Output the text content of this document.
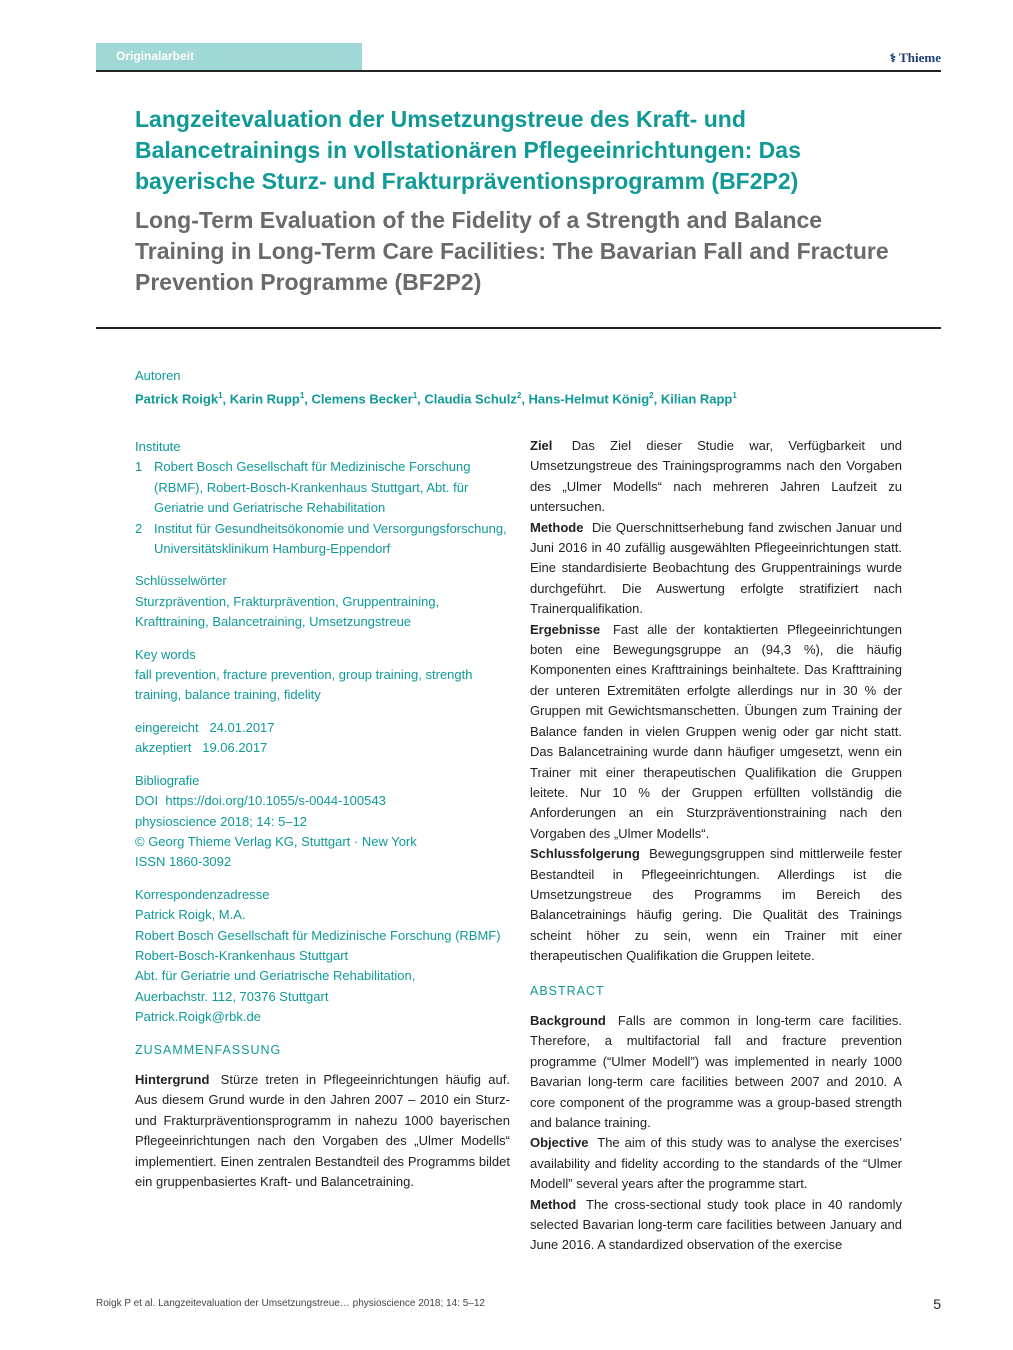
Originalarbeit	⚕ Thieme
Langzeitevaluation der Umsetzungstreue des Kraft- und Balancetrainings in vollstationären Pflegeeinrichtungen: Das bayerische Sturz- und Frakturpräventionsprogramm (BF2P2)
Long-Term Evaluation of the Fidelity of a Strength and Balance Training in Long-Term Care Facilities: The Bavarian Fall and Fracture Prevention Programme (BF2P2)
Autoren
Patrick Roigk$^1$, Karin Rupp$^1$, Clemens Becker$^1$, Claudia Schulz$^2$, Hans-Helmut König$^2$, Kilian Rapp$^1$
Institute
1 Robert Bosch Gesellschaft für Medizinische Forschung (RBMF), Robert-Bosch-Krankenhaus Stuttgart, Abt. für Geriatrie und Geriatrische Rehabilitation
2 Institut für Gesundheitsökonomie und Versorgungsforschung, Universitätsklinikum Hamburg-Eppendorf
Schlüsselwörter
Sturzprävention, Frakturprävention, Gruppentraining, Krafttraining, Balancetraining, Umsetzungstreue
Key words
fall prevention, fracture prevention, group training, strength training, balance training, fidelity
eingereicht 24.01.2017
akzeptiert 19.06.2017
Bibliografie
DOI https://doi.org/10.1055/s-0044-100543
physioscience 2018; 14: 5–12
© Georg Thieme Verlag KG, Stuttgart · New York
ISSN 1860-3092
Korrespondenzadresse
Patrick Roigk, M.A.
Robert Bosch Gesellschaft für Medizinische Forschung (RBMF)
Robert-Bosch-Krankenhaus Stuttgart
Abt. für Geriatrie und Geriatrische Rehabilitation,
Auerbachstr. 112, 70376 Stuttgart
Patrick.Roigk@rbk.de
ZUSAMMENFASSUNG
Hintergrund Stürze treten in Pflegeeinrichtungen häufig auf. Aus diesem Grund wurde in den Jahren 2007 – 2010 ein Sturz- und Frakturpräventionsprogramm in nahezu 1000 bayerischen Pflegeeinrichtungen nach den Vorgaben des „Ulmer Modells“ implementiert. Einen zentralen Bestandteil des Programms bildet ein gruppenbasiertes Kraft- und Balancetraining.
Ziel Das Ziel dieser Studie war, Verfügbarkeit und Umsetzungstreue des Trainingsprogramms nach den Vorgaben des „Ulmer Modells“ nach mehreren Jahren Laufzeit zu untersuchen.
Methode Die Querschnittserhebung fand zwischen Januar und Juni 2016 in 40 zufällig ausgewählten Pflegeeinrichtungen statt. Eine standardisierte Beobachtung des Gruppentrainings wurde durchgeführt. Die Auswertung erfolgte stratifiziert nach Trainerqualifikation.
Ergebnisse Fast alle der kontaktierten Pflegeeinrichtungen boten eine Bewegungsgruppe an (94,3 %), die häufig Komponenten eines Krafttrainings beinhaltete. Das Krafttraining der unteren Extremitäten erfolgte allerdings nur in 30 % der Gruppen mit Gewichtsmanschetten. Übungen zum Training der Balance fanden in vielen Gruppen wenig oder gar nicht statt. Das Balancetraining wurde dann häufiger umgesetzt, wenn ein Trainer mit einer therapeutischen Qualifikation die Gruppen leitete. Nur 10 % der Gruppen erfüllten vollständig die Anforderungen an ein Sturzpräventionstraining nach den Vorgaben des „Ulmer Modells“.
Schlussfolgerung Bewegungsgruppen sind mittlerweile fester Bestandteil in Pflegeeinrichtungen. Allerdings ist die Umsetzungstreue des Programms im Bereich des Balancetrainings häufig gering. Die Qualität des Trainings scheint höher zu sein, wenn ein Trainer mit einer therapeutischen Qualifikation die Gruppen leitete.
ABSTRACT
Background Falls are common in long-term care facilities. Therefore, a multifactorial fall and fracture prevention programme (“Ulmer Modell”) was implemented in nearly 1000 Bavarian long-term care facilities between 2007 and 2010. A core component of the programme was a group-based strength and balance training.
Objective The aim of this study was to analyse the exercises’ availability and fidelity according to the standards of the “Ulmer Modell” several years after the programme start.
Method The cross-sectional study took place in 40 randomly selected Bavarian long-term care facilities between January and June 2016. A standardized observation of the exercise
Roigk P et al. Langzeitevaluation der Umsetzungstreue… physioscience 2018; 14: 5–12	5
